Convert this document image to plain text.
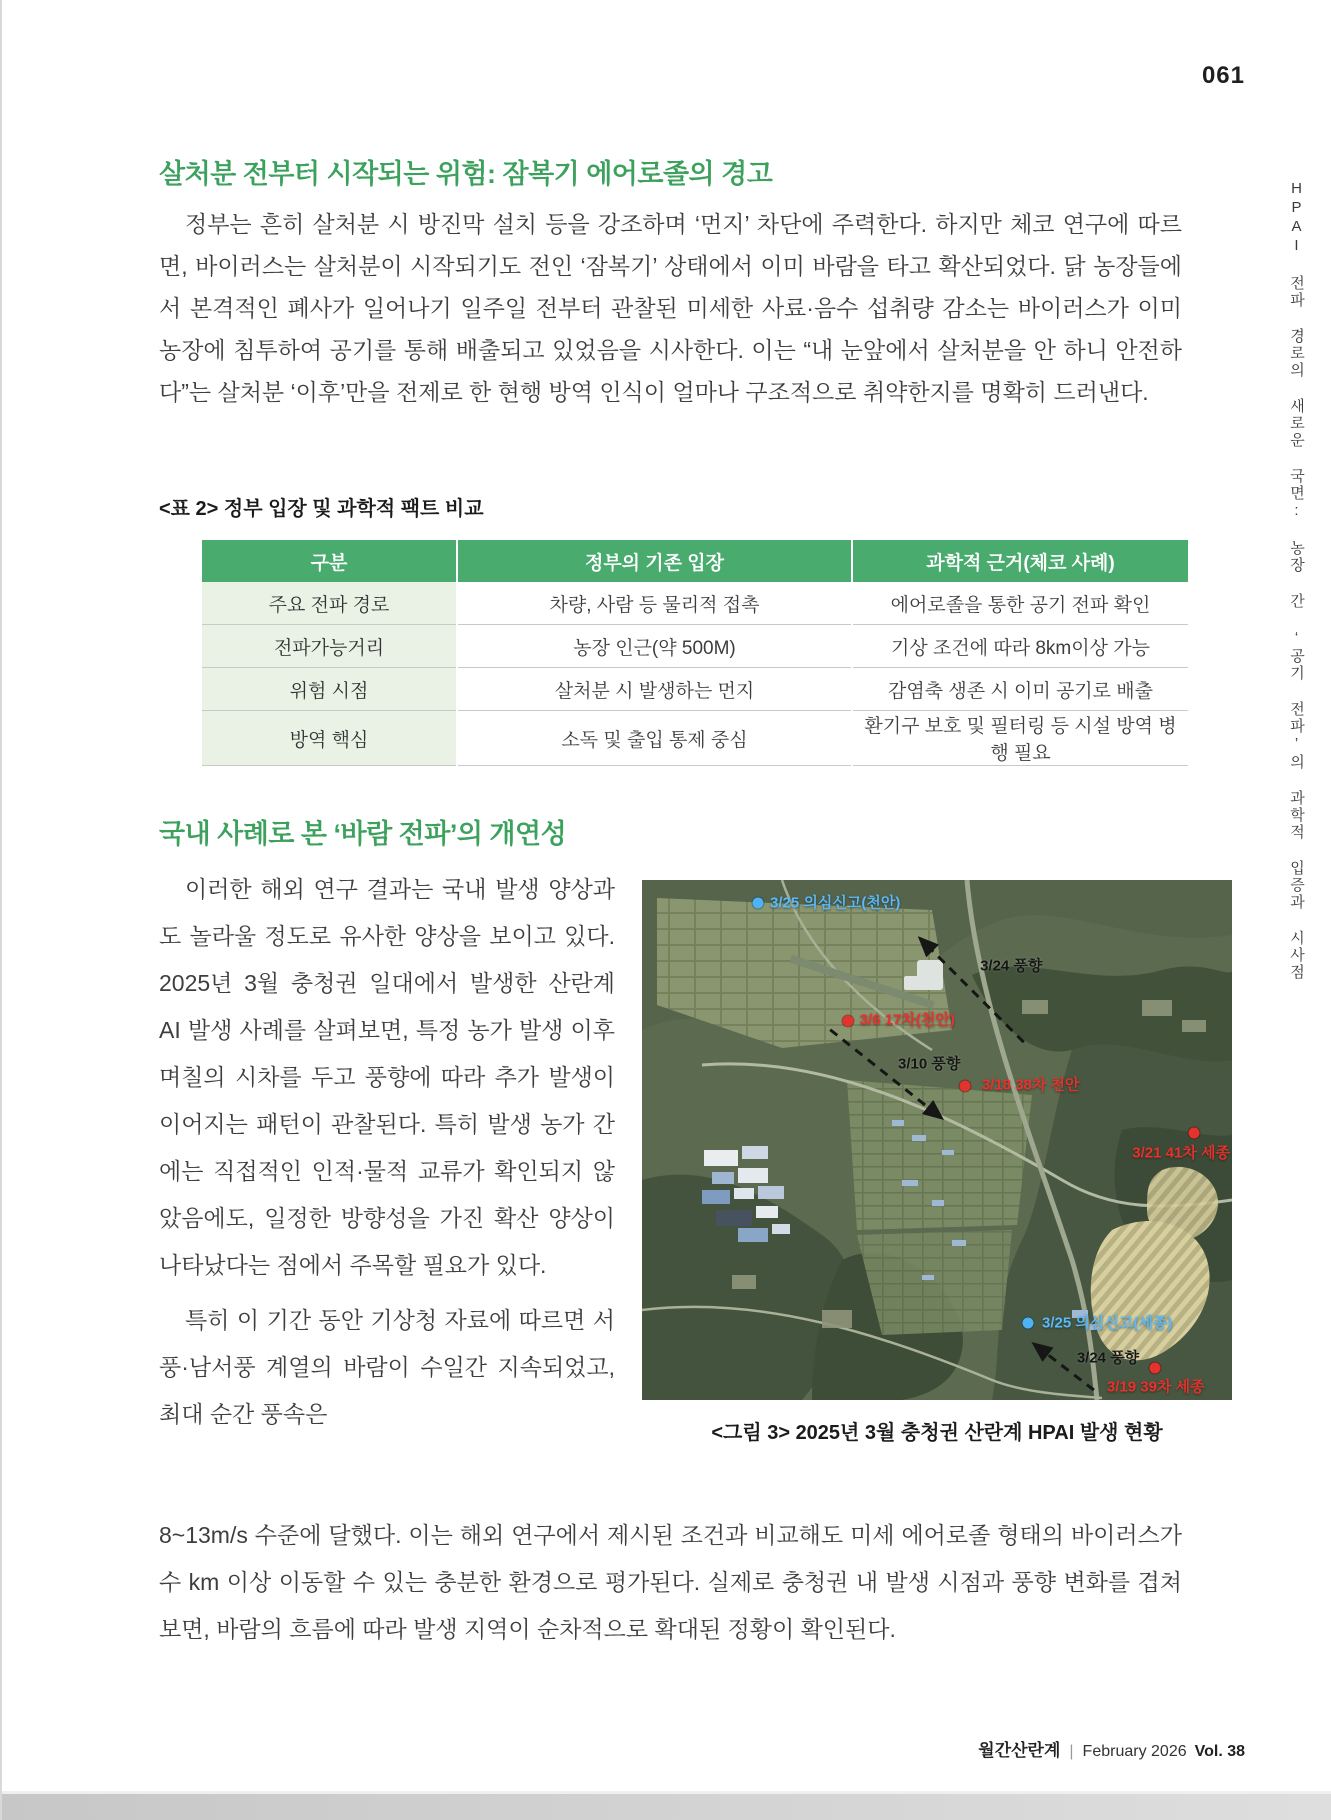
061
HPAI 전파 경로의 새로운 국면: 농장 간 ‘공기 전파’의 과학적 입증과 시사점
살처분 전부터 시작되는 위험: 잠복기 에어로졸의 경고

정부는 흔히 살처분 시 방진막 설치 등을 강조하며 ‘먼지’ 차단에 주력한다. 하지만 체코 연구에 따르면, 바이러스는 살처분이 시작되기도 전인 ‘잠복기’ 상태에서 이미 바람을 타고 확산되었다. 닭 농장들에서 본격적인 폐사가 일어나기 일주일 전부터 관찰된 미세한 사료·음수 섭취량 감소는 바이러스가 이미 농장에 침투하여 공기를 통해 배출되고 있었음을 시사한다. 이는 “내 눈앞에서 살처분을 안 하니 안전하다”는 살처분 ‘이후’만을 전제로 한 현행 방역 인식이 얼마나 구조적으로 취약한지를 명확히 드러낸다.

<표 2> 정부 입장 및 과학적 팩트 비교
구분	정부의 기존 입장	과학적 근거(체코 사례)
주요 전파 경로	차량, 사람 등 물리적 접촉	에어로졸을 통한 공기 전파 확인
전파가능거리	농장 인근(약 500M)	기상 조건에 따라 8km이상 가능
위험 시점	살처분 시 발생하는 먼지	감염축 생존 시 이미 공기로 배출
방역 핵심	소독 및 출입 통제 중심	환기구 보호 및 필터링 등 시설 방역 병행 필요
국내 사례로 본 ‘바람 전파’의 개연성

이러한 해외 연구 결과는 국내 발생 양상과도 놀라울 정도로 유사한 양상을 보이고 있다. 2025년 3월 충청권 일대에서 발생한 산란계 AI 발생 사례를 살펴보면, 특정 농가 발생 이후 며칠의 시차를 두고 풍향에 따라 추가 발생이 이어지는 패턴이 관찰된다. 특히 발생 농가 간에는 직접적인 인적·물적 교류가 확인되지 않았음에도, 일정한 방향성을 가진 확산 양상이 나타났다는 점에서 주목할 필요가 있다.

특히 이 기간 동안 기상청 자료에 따르면 서풍·남서풍 계열의 바람이 수일간 지속되었고, 최대 순간 풍속은

3/25 의심신고(천안)
3/6 17차(천안)
3/18 38차 천안
3/21 41차 세종
3/25 의심신고(세종)
3/19 39차 세종
3/24 풍향
3/10 풍향
3/24 풍향
<그림 3> 2025년 3월 충청권 산란계 HPAI 발생 현황

8~13m/s 수준에 달했다. 이는 해외 연구에서 제시된 조건과 비교해도 미세 에어로졸 형태의 바이러스가 수 km 이상 이동할 수 있는 충분한 환경으로 평가된다. 실제로 충청권 내 발생 시점과 풍향 변화를 겹쳐보면, 바람의 흐름에 따라 발생 지역이 순차적으로 확대된 정황이 확인된다.

월간산란계 | February 2026 Vol. 38
